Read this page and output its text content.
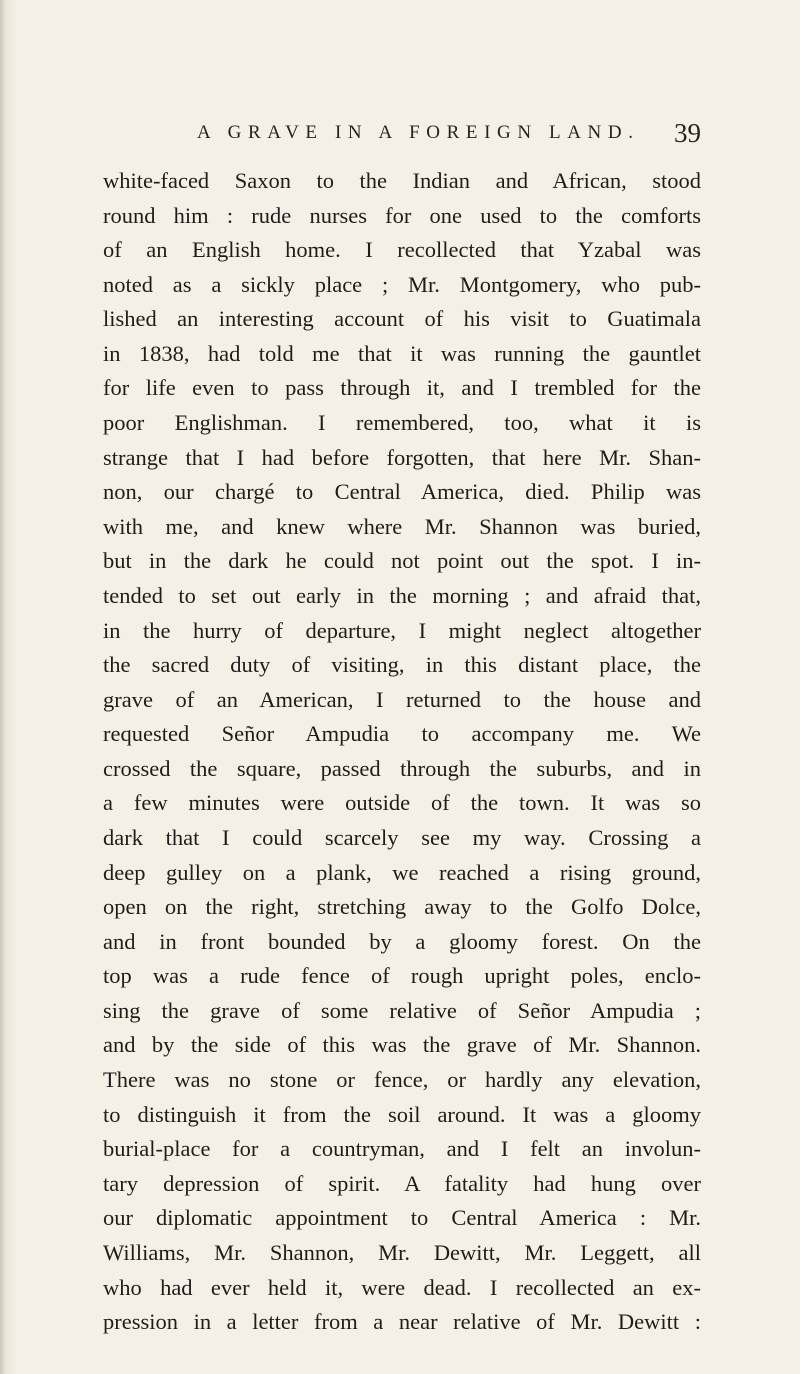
A GRAVE IN A FOREIGN LAND. 39
white-faced Saxon to the Indian and African, stood
round him : rude nurses for one used to the comforts
of an English home. I recollected that Yzabal was
noted as a sickly place ; Mr. Montgomery, who pub-
lished an interesting account of his visit to Guatimala
in 1838, had told me that it was running the gauntlet
for life even to pass through it, and I trembled for the
poor Englishman. I remembered, too, what it is
strange that I had before forgotten, that here Mr. Shan-
non, our chargé to Central America, died. Philip was
with me, and knew where Mr. Shannon was buried,
but in the dark he could not point out the spot. I in-
tended to set out early in the morning ; and afraid that,
in the hurry of departure, I might neglect altogether
the sacred duty of visiting, in this distant place, the
grave of an American, I returned to the house and
requested Señor Ampudia to accompany me. We
crossed the square, passed through the suburbs, and in
a few minutes were outside of the town. It was so
dark that I could scarcely see my way. Crossing a
deep gulley on a plank, we reached a rising ground,
open on the right, stretching away to the Golfo Dolce,
and in front bounded by a gloomy forest. On the
top was a rude fence of rough upright poles, enclo-
sing the grave of some relative of Señor Ampudia ;
and by the side of this was the grave of Mr. Shannon.
There was no stone or fence, or hardly any elevation,
to distinguish it from the soil around. It was a gloomy
burial-place for a countryman, and I felt an involun-
tary depression of spirit. A fatality had hung over
our diplomatic appointment to Central America : Mr.
Williams, Mr. Shannon, Mr. Dewitt, Mr. Leggett, all
who had ever held it, were dead. I recollected an ex-
pression in a letter from a near relative of Mr. Dewitt :
